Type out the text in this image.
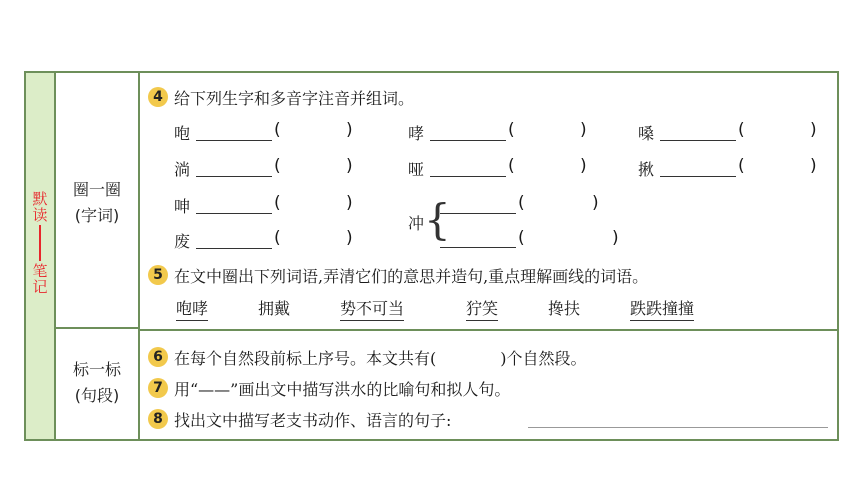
默读
笔记
圈一圈
(字词)
标一标
(句段)
4 给下列生字和多音字注音并组词。
咆	(	)	哮	(	)	嗓	(	)
淌	(	)	哑	(	)	揪	(	)
呻	(	)
冲 {	(	)
(	)
废	(	)
5 在文中圈出下列词语,弄清它们的意思并造句,重点理解画线的词语。
咆哮	拥戴	势不可当	狞笑	搀扶	跌跌撞撞
6 在每个自然段前标上序号。本文共有(	)个自然段。
7 用“——”画出文中描写洪水的比喻句和拟人句。
8 找出文中描写老支书动作、语言的句子:
